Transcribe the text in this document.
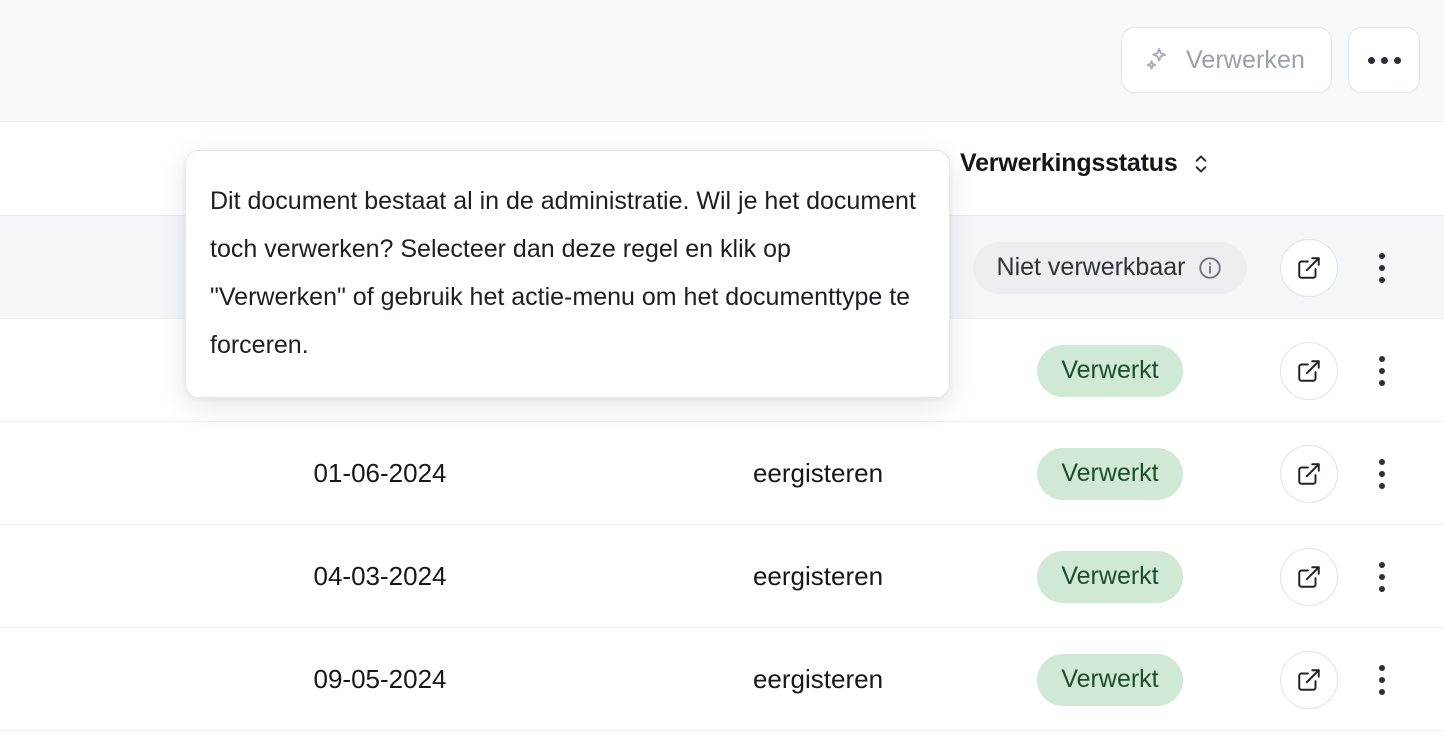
Verwerken
Verwerkingsstatus
Niet verwerkbaar
Verwerkt
01-06-2024	eergisteren	Verwerkt
04-03-2024	eergisteren	Verwerkt
09-05-2024	eergisteren	Verwerkt

Dit document bestaat al in de administratie. Wil je het document toch verwerken? Selecteer dan deze regel en klik op "Verwerken" of gebruik het actie-menu om het documenttype te forceren.
